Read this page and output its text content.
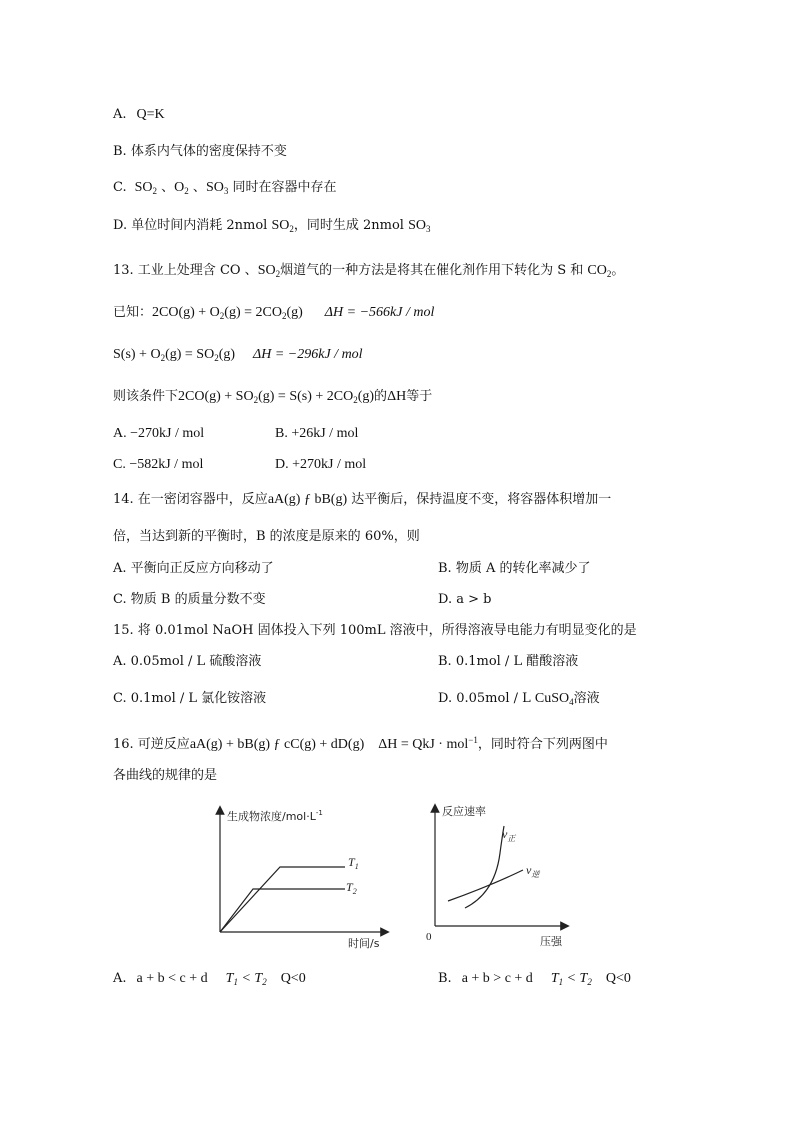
A. Q=K
B. 体系内气体的密度保持不变
C. $SO_2$ 、$O_2$ 、$SO_3$ 同时在容器中存在
D. 单位时间内消耗 2nmol $SO_2$，同时生成 2nmol $SO_3$
13. 工业上处理含 CO 、$SO_2$烟道气的一种方法是将其在催化剂作用下转化为 S 和 $CO_2$。
已知：$2CO(g) + O_2(g) = 2CO_2(g) \Delta H = -566kJ$ / mol
$S(s) + O_2(g) = SO_2(g) \Delta H = -296kJ$ / mol
则该条件下$2CO(g) + SO_2(g) = S(s) + 2CO_2(g)$的ΔH等于
A. −270kJ / mol	B. +26kJ / mol
C. −582kJ / mol	D. +270kJ / mol
14. 在一密闭容器中，反应aA(g) ƒ bB(g) 达平衡后，保持温度不变，将容器体积增加一
倍，当达到新的平衡时，B 的浓度是原来的 60%，则
A. 平衡向正反应方向移动了	B. 物质 A 的转化率减少了
C. 物质 B 的质量分数不变	D. a > b
15. 将 0.01mol NaOH 固体投入下列 100mL 溶液中，所得溶液导电能力有明显变化的是
A. 0.05mol / L 硫酸溶液	B. 0.1mol / L 醋酸溶液
C. 0.1mol / L 氯化铵溶液	D. 0.05mol / L CuSO$_4$溶液
16. 可逆反应aA(g) + bB(g) ƒ cC(g) + dD(g) ΔH = QkJ · mol$^{-1}$，同时符合下列两图中
各曲线的规律的是
生成物浓度$/mol\cdot L^{-1}$
$T_1$
$T_2$
时间/s
反应速率
0
$v_正$
$v_逆$
压强
A. a + b < c + d $T_1 < T_2$ Q<0	B. a + b > c + d $T_1 < T_2$ Q<0
